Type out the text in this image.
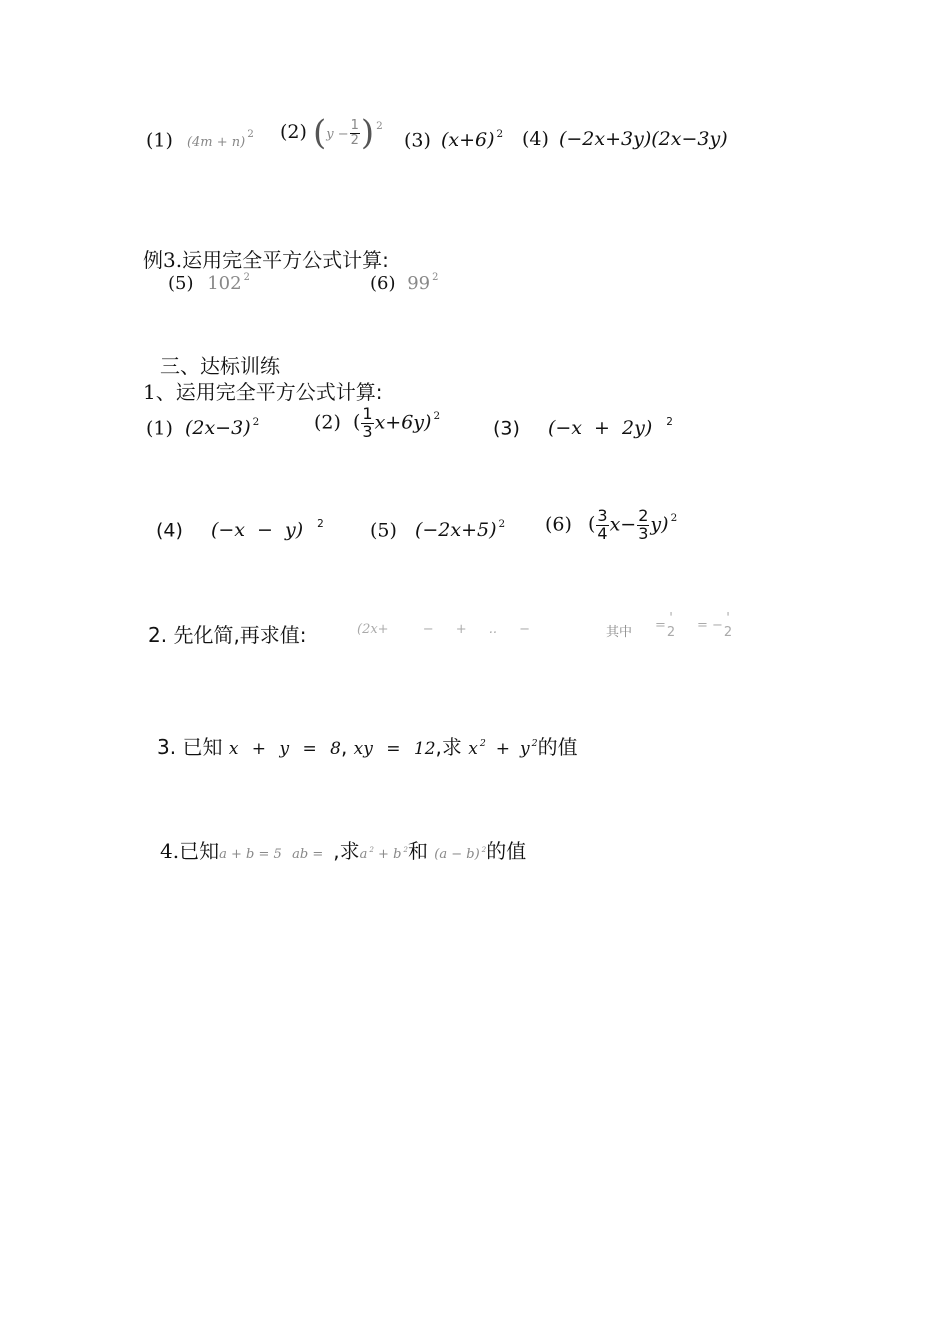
(1) $(4m + n)^2$ (2) ($y - \frac{1}{2}$ ) $^2$
(3) (x+6) $^2$ (4) (−2x+3y)(2x−3y)
例3.运用完全平方公式计算:
(5) 102 $^2$	(6) 99 $^2$
三、达标训练
1、运用完全平方公式计算:
(1) (2x−3) $^2$	(2) ( $\frac{1}{3} x+6y$) $^2$
(3) (−x + 2y) $^2$
(4) (−x − y) $^2$ (5) (−2x+5) $^2$ (6) ( $\frac{3}{4} x- \frac{2}{3} y$) $^2$
2. 先化简,再求值:	(2x+	− + .. −	其中 = '
2 = − '
2
3. 已知 x + y = 8, xy = 12,求 x $^2$ + y $^2$的值
4.已知a + b = 5 ab = ,求a $^2$ + b $^2$和 (a − b) $^2$的值
